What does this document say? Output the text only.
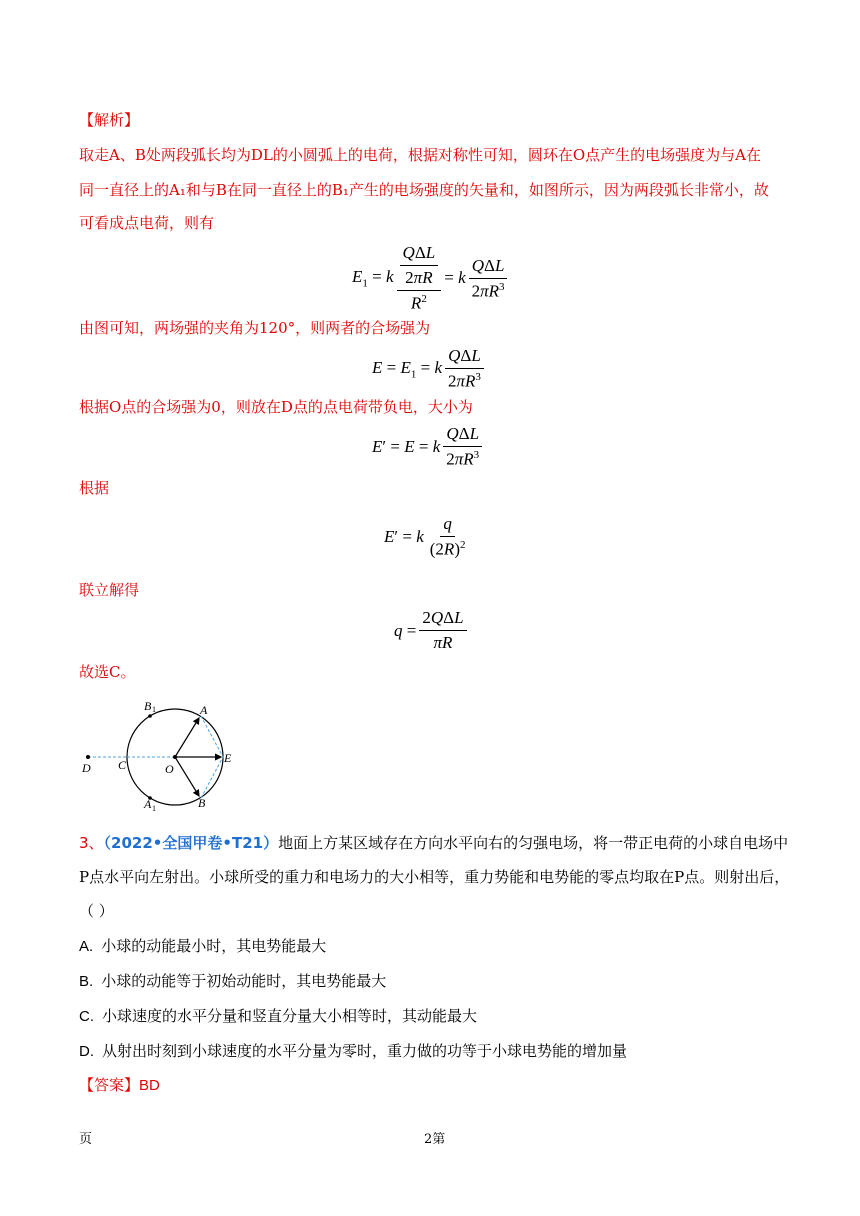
【解析】
取走A、B处两段弧长均为DL的小圆弧上的电荷，根据对称性可知，圆环在O点产生的电场强度为与A在
同一直径上的A₁和与B在同一直径上的B₁产生的电场强度的矢量和，如图所示，因为两段弧长非常小，故
可看成点电荷，则有
$E_1 = k \frac{\frac{\text{QΔL}}{2\pi R}}{R^2} = k \frac{\text{QΔL}}{2\pi R^3}$
由图可知，两场强的夹角为120°，则两者的合场强为
$E = E_1 = k \frac{\text{QΔL}}{2\pi R^3}$
根据O点的合场强为0，则放在D点的点电荷带负电，大小为
E′ = E = k $\frac{\text{QΔL}}{2\pi R^3}$
根据
E′ = k $\frac{q}{(2R)^2}$
联立解得
$q = \frac{\text{2QΔL}}{\pi R}$
故选C。
D C	O
A
B
E
B 1
A 1
3、（2022•全国甲卷•T21）地面上方某区域存在方向水平向右的匀强电场，将一带正电荷的小球自电场中
P点水平向左射出。小球所受的重力和电场力的大小相等，重力势能和电势能的零点均取在P点。则射出后，
（ ）
A. 小球的动能最小时，其电势能最大
B. 小球的动能等于初始动能时，其电势能最大
C. 小球速度的水平分量和竖直分量大小相等时，其动能最大
D. 从射出时刻到小球速度的水平分量为零时，重力做的功等于小球电势能的增加量
【答案】BD
页	2第
